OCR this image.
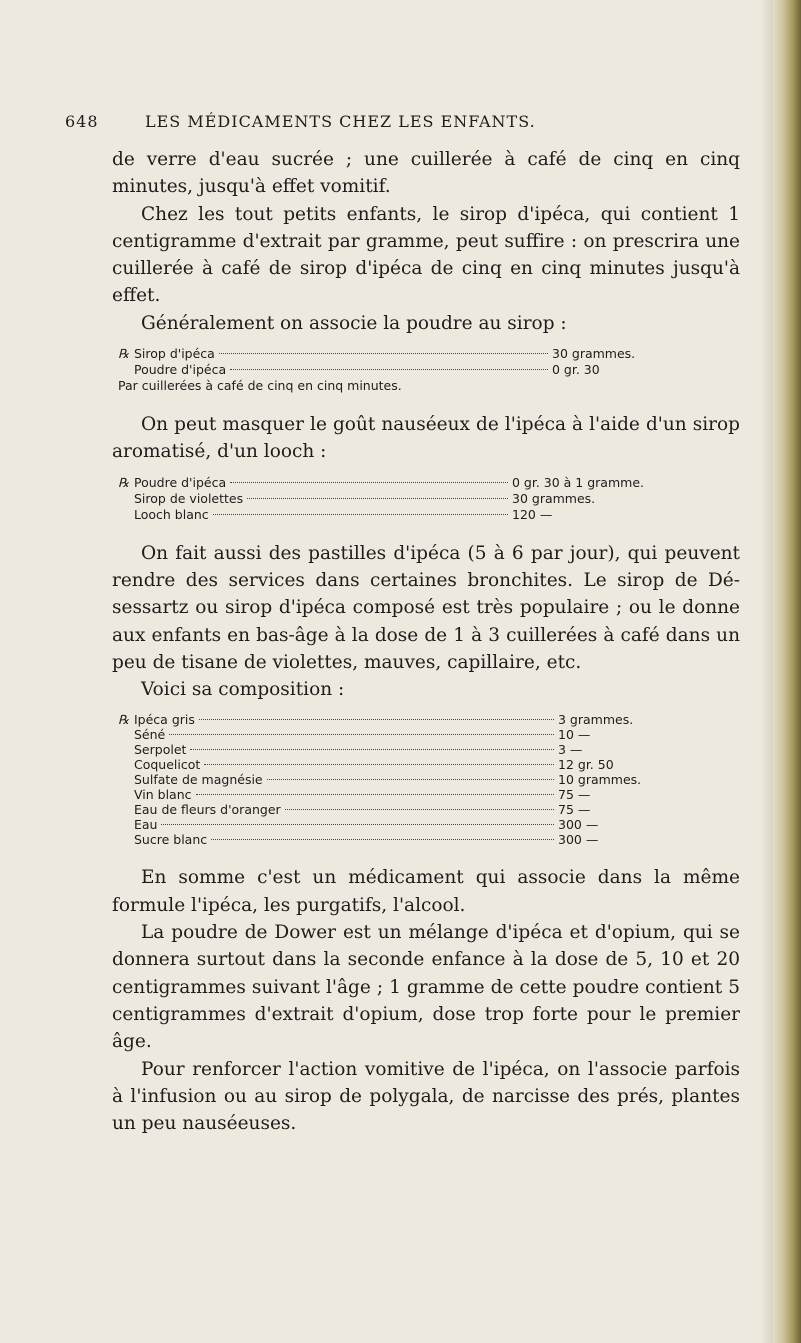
648	LES MÉDICAMENTS CHEZ LES ENFANTS.

de verre d'eau sucrée ; une cuillerée à café de cinq en cinq minutes, jusqu'à effet vomitif.

Chez les tout petits enfants, le sirop d'ipéca, qui contient 1 centigramme d'extrait par gramme, peut suffire : on prescrira une cuillerée à café de sirop d'ipéca de cinq en cinq minutes jusqu'à effet.

Généralement on associe la poudre au sirop :

℞ Sirop d'ipéca	30 grammes.
Poudre d'ipéca	0 gr. 30
Par cuillerées à café de cinq en cinq minutes.

On peut masquer le goût nauséeux de l'ipéca à l'aide d'un sirop aromatisé, d'un looch :

℞ Poudre d'ipéca	0 gr. 30 à 1 gramme.
Sirop de violettes	30 grammes.
Looch blanc	120 —

On fait aussi des pastilles d'ipéca (5 à 6 par jour), qui peuvent rendre des services dans certaines bronchites. Le sirop de Dé-sessartz ou sirop d'ipéca composé est très populaire ; ou le donne aux enfants en bas-âge à la dose de 1 à 3 cuillerées à café dans un peu de tisane de violettes, mauves, capillaire, etc.

Voici sa composition :

℞ Ipéca gris	3 grammes.
Séné	10 —
Serpolet	3 —
Coquelicot	12 gr. 50
Sulfate de magnésie	10 grammes.
Vin blanc	75 —
Eau de fleurs d'oranger	75 —
Eau	300 —
Sucre blanc	300 —

En somme c'est un médicament qui associe dans la même formule l'ipéca, les purgatifs, l'alcool.

La poudre de Dower est un mélange d'ipéca et d'opium, qui se donnera surtout dans la seconde enfance à la dose de 5, 10 et 20 centigrammes suivant l'âge ; 1 gramme de cette poudre contient 5 centigrammes d'extrait d'opium, dose trop forte pour le premier âge.

Pour renforcer l'action vomitive de l'ipéca, on l'associe parfois à l'infusion ou au sirop de polygala, de narcisse des prés, plantes un peu nauséeuses.
